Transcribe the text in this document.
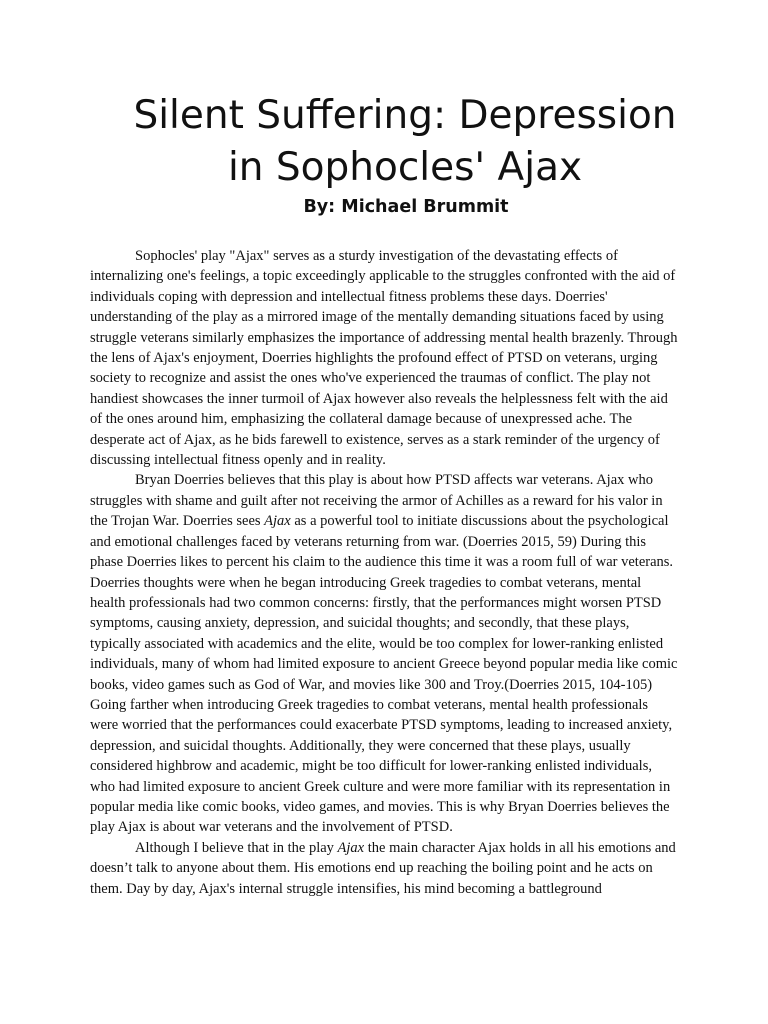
Silent Suffering: Depression in Sophocles' Ajax
By: Michael Brummit

Sophocles' play "Ajax" serves as a sturdy investigation of the devastating effects of internalizing one's feelings, a topic exceedingly applicable to the struggles confronted with the aid of individuals coping with depression and intellectual fitness problems these days. Doerries' understanding of the play as a mirrored image of the mentally demanding situations faced by using struggle veterans similarly emphasizes the importance of addressing mental health brazenly. Through the lens of Ajax's enjoyment, Doerries highlights the profound effect of PTSD on veterans, urging society to recognize and assist the ones who've experienced the traumas of conflict. The play not handiest showcases the inner turmoil of Ajax however also reveals the helplessness felt with the aid of the ones around him, emphasizing the collateral damage because of unexpressed ache. The desperate act of Ajax, as he bids farewell to existence, serves as a stark reminder of the urgency of discussing intellectual fitness openly and in reality.

Bryan Doerries believes that this play is about how PTSD affects war veterans. Ajax who struggles with shame and guilt after not receiving the armor of Achilles as a reward for his valor in the Trojan War. Doerries sees Ajax as a powerful tool to initiate discussions about the psychological and emotional challenges faced by veterans returning from war. (Doerries 2015, 59) During this phase Doerries likes to percent his claim to the audience this time it was a room full of war veterans. Doerries thoughts were when he began introducing Greek tragedies to combat veterans, mental health professionals had two common concerns: firstly, that the performances might worsen PTSD symptoms, causing anxiety, depression, and suicidal thoughts; and secondly, that these plays, typically associated with academics and the elite, would be too complex for lower-ranking enlisted individuals, many of whom had limited exposure to ancient Greece beyond popular media like comic books, video games such as God of War, and movies like 300 and Troy.(Doerries 2015, 104-105) Going farther when introducing Greek tragedies to combat veterans, mental health professionals were worried that the performances could exacerbate PTSD symptoms, leading to increased anxiety, depression, and suicidal thoughts. Additionally, they were concerned that these plays, usually considered highbrow and academic, might be too difficult for lower-ranking enlisted individuals, who had limited exposure to ancient Greek culture and were more familiar with its representation in popular media like comic books, video games, and movies. This is why Bryan Doerries believes the play Ajax is about war veterans and the involvement of PTSD.

Although I believe that in the play Ajax the main character Ajax holds in all his emotions and doesn’t talk to anyone about them. His emotions end up reaching the boiling point and he acts on them. Day by day, Ajax's internal struggle intensifies, his mind becoming a battleground
